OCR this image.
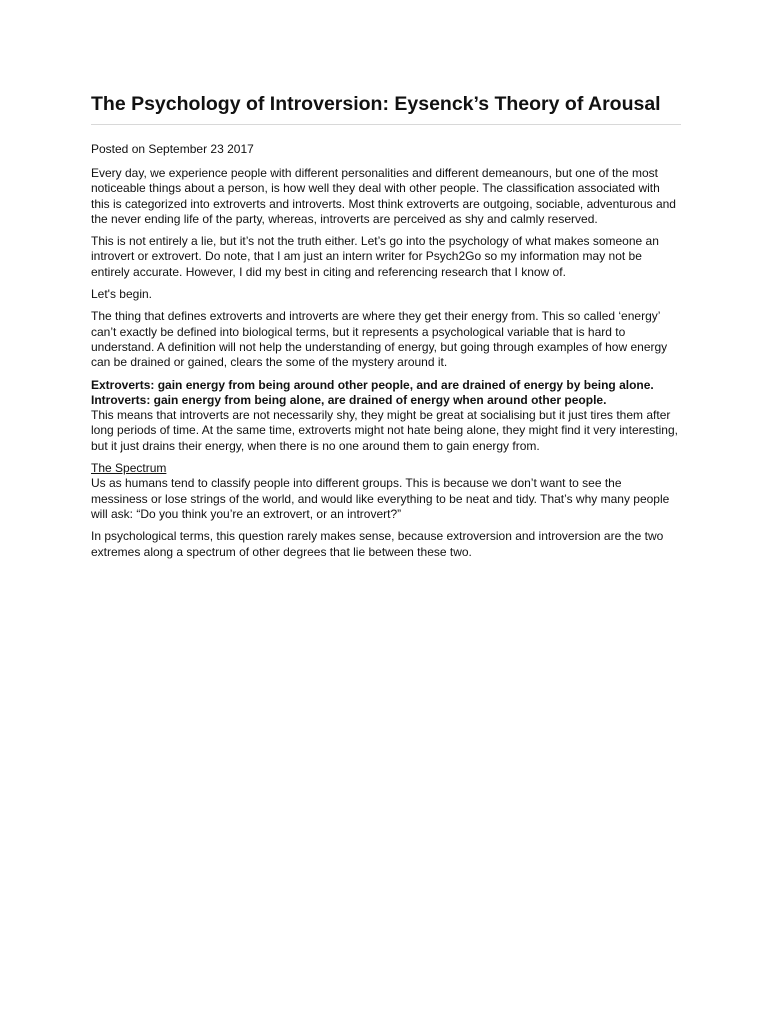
The Psychology of Introversion: Eysenck’s Theory of Arousal
Posted on September 23 2017

Every day, we experience people with different personalities and different demeanours, but one of the most noticeable things about a person, is how well they deal with other people. The classification associated with this is categorized into extroverts and introverts. Most think extroverts are outgoing, sociable, adventurous and the never ending life of the party, whereas, introverts are perceived as shy and calmly reserved.

This is not entirely a lie, but it’s not the truth either. Let’s go into the psychology of what makes someone an introvert or extrovert. Do note, that I am just an intern writer for Psych2Go so my information may not be entirely accurate. However, I did my best in citing and referencing research that I know of.

Let's begin.

The thing that defines extroverts and introverts are where they get their energy from. This so called ‘energy’ can’t exactly be defined into biological terms, but it represents a psychological variable that is hard to understand. A definition will not help the understanding of energy, but going through examples of how energy can be drained or gained, clears the some of the mystery around it.

Extroverts: gain energy from being around other people, and are drained of energy by being alone.
Introverts: gain energy from being alone, are drained of energy when around other people.
This means that introverts are not necessarily shy, they might be great at socialising but it just tires them after long periods of time. At the same time, extroverts might not hate being alone, they might find it very interesting, but it just drains their energy, when there is no one around them to gain energy from.

The Spectrum
Us as humans tend to classify people into different groups. This is because we don’t want to see the messiness or lose strings of the world, and would like everything to be neat and tidy. That’s why many people will ask: “Do you think you’re an extrovert, or an introvert?”

In psychological terms, this question rarely makes sense, because extroversion and introversion are the two extremes along a spectrum of other degrees that lie between these two.
